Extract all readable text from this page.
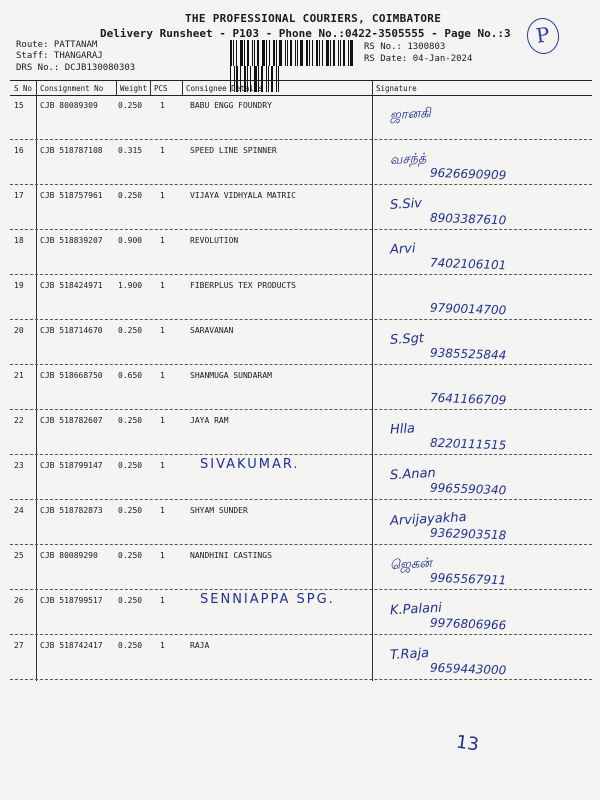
THE PROFESSIONAL COURIERS, COIMBATORE
Delivery Runsheet - P103 - Phone No.:0422-3505555 - Page No.:3	P
Route: PATTANAM
Staff: THANGARAJ
DRS No.: DCJB130080303
RS No.: 1300803
RS Date: 04-Jan-2024
S No Consignment No Weight PCS Consignee Details	Signature
15 CJB 80089309	0.250 1	BABU ENGG FOUNDRY
ஜானகி
16 CJB 518787108 0.315 1	SPEED LINE SPINNER
வசந்த்
9626690909
17 CJB 518757961 0.250 1	VIJAYA VIDHYALA MATRIC
S.Siv
8903387610
18 CJB 518839207 0.900 1	REVOLUTION
Arvi
7402106101
19 CJB 518424971 1.900 1	FIBERPLUS TEX PRODUCTS
9790014700
20 CJB 518714670 0.250 1	SARAVANAN
S.Sgt
9385525844
21 CJB 518668750 0.650 1	SHANMUGA SUNDARAM
7641166709
22 CJB 518782607 0.250 1	JAYA RAM
Hlla
8220111515
23 CJB 518799147 0.250 1	SIVAKUMAR.
S.Anan
9965590340
24 CJB 518782873 0.250 1	SHYAM SUNDER	Arvijayakha
9362903518
25 CJB 80089290	0.250 1	NANDHINI CASTINGS
ஜெகன்
9965567911
26 CJB 518799517 0.250 1	SENNIAPPA SPG.
K.Palani
9976806966
27 CJB 518742417 0.250 1	RAJA
T.Raja
9659443000
13
